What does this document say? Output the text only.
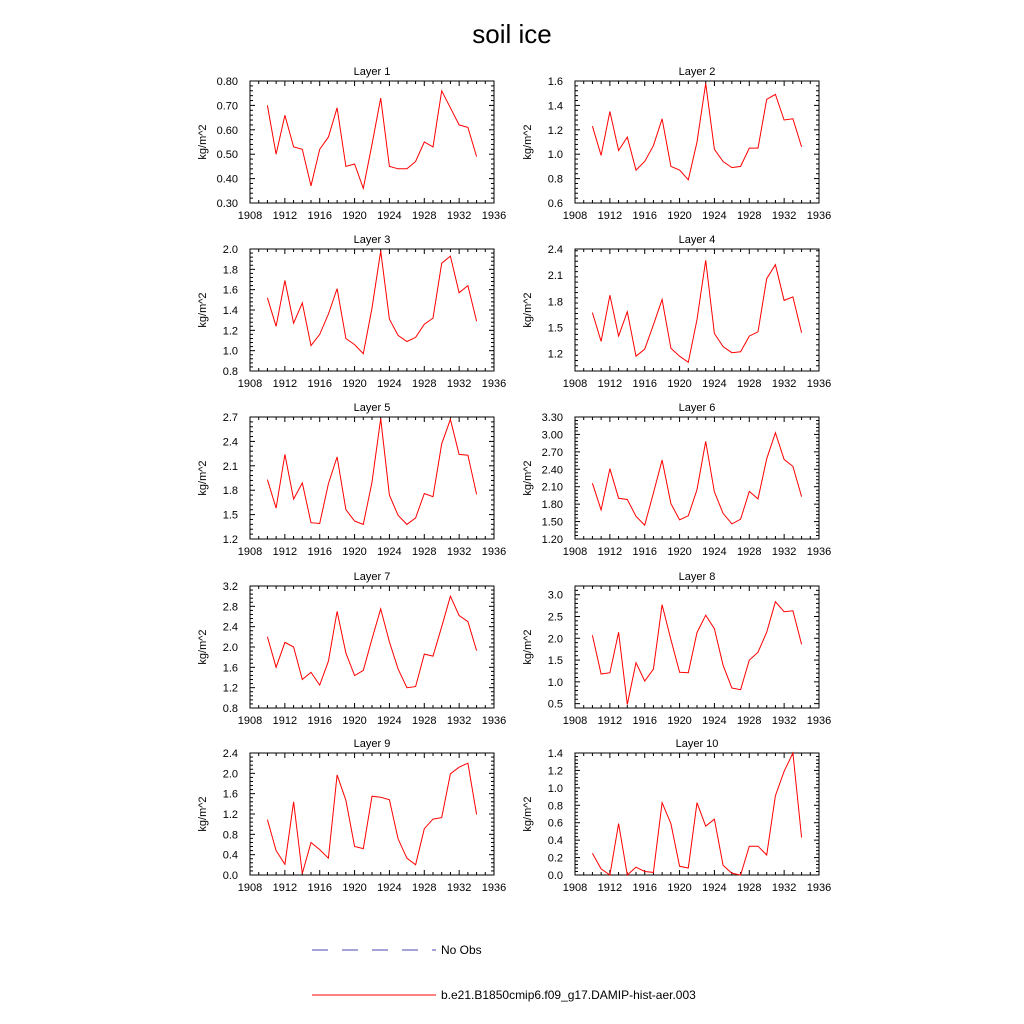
soil ice
Layer 1
1908 1912 1916 1920 1924 1928 1932 1936
0.30
0.40
0.50
0.60
0.70
0.80
kg/m^2
Layer 2
1908 1912 1916 1920 1924 1928 1932 1936
0.6
0.8
1.0
1.2
1.4
1.6
kg/m^2
Layer 3
1908 1912 1916 1920 1924 1928 1932 1936
0.8
1.0
1.2
1.4
1.6
1.8
2.0
kg/m^2
Layer 4
1908 1912 1916 1920 1924 1928 1932 1936
1.2
1.5
1.8
2.1
2.4
kg/m^2
Layer 5
1908 1912 1916 1920 1924 1928 1932 1936
1.2
1.5
1.8
2.1
2.4
2.7
kg/m^2
Layer 6
1908 1912 1916 1920 1924 1928 1932 1936
1.20
1.50
1.80
2.10
2.40
2.70
3.00
3.30
kg/m^2
Layer 7
1908 1912 1916 1920 1924 1928 1932 1936
0.8
1.2
1.6
2.0
2.4
2.8
3.2
kg/m^2
Layer 8
1908 1912 1916 1920 1924 1928 1932 1936
0.5
1.0
1.5
2.0
2.5
3.0
kg/m^2
Layer 9
1908 1912 1916 1920 1924 1928 1932 1936
0.0
0.4
0.8
1.2
1.6
2.0
2.4
kg/m^2
Layer 10
1908 1912 1916 1920 1924 1928 1932 1936
0.0
0.2
0.4
0.6
0.8
1.0
1.2
1.4
kg/m^2
No Obs
b.e21.B1850cmip6.f09_g17.DAMIP-hist-aer.003
